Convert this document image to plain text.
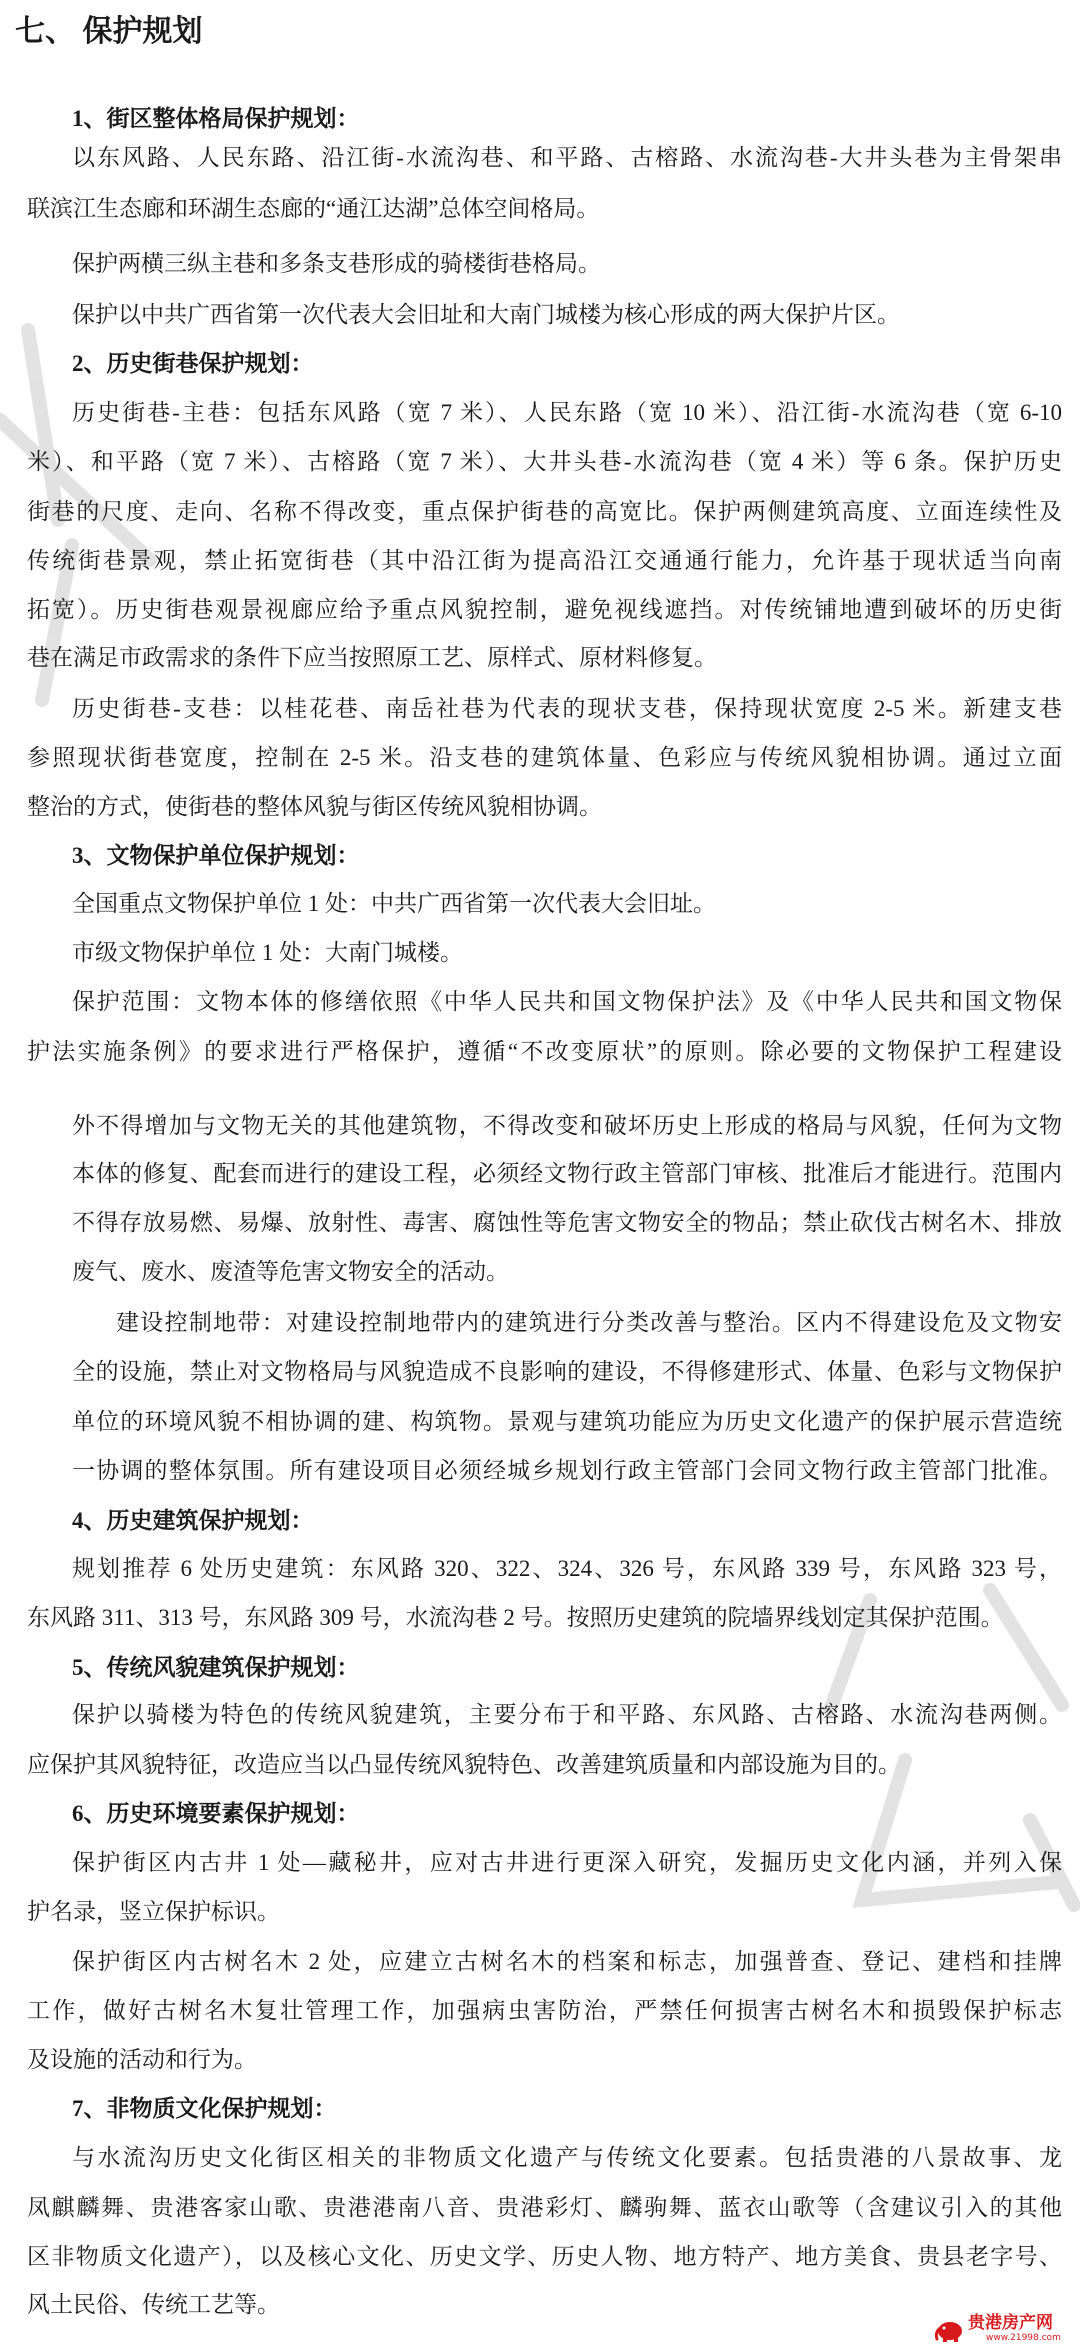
七、 保护规划
1、街区整体格局保护规划：
以东风路、人民东路、沿江街-水流沟巷、和平路、古榕路、水流沟巷-大井头巷为主骨架串
联滨江生态廊和环湖生态廊的“通江达湖”总体空间格局。
保护两横三纵主巷和多条支巷形成的骑楼街巷格局。
保护以中共广西省第一次代表大会旧址和大南门城楼为核心形成的两大保护片区。
2、历史街巷保护规划：
历史街巷-主巷：包括东风路（宽 7 米）、人民东路（宽 10 米）、沿江街-水流沟巷（宽 6-10
米）、和平路（宽 7 米）、古榕路（宽 7 米）、大井头巷-水流沟巷（宽 4 米）等 6 条。保护历史
街巷的尺度、走向、名称不得改变，重点保护街巷的高宽比。保护两侧建筑高度、立面连续性及
传统街巷景观，禁止拓宽街巷（其中沿江街为提高沿江交通通行能力，允许基于现状适当向南
拓宽）。历史街巷观景视廊应给予重点风貌控制，避免视线遮挡。对传统铺地遭到破坏的历史街
巷在满足市政需求的条件下应当按照原工艺、原样式、原材料修复。
历史街巷-支巷：以桂花巷、南岳社巷为代表的现状支巷，保持现状宽度 2-5 米。新建支巷
参照现状街巷宽度，控制在 2-5 米。沿支巷的建筑体量、色彩应与传统风貌相协调。通过立面
整治的方式，使街巷的整体风貌与街区传统风貌相协调。
3、文物保护单位保护规划：
全国重点文物保护单位 1 处：中共广西省第一次代表大会旧址。
市级文物保护单位 1 处：大南门城楼。
保护范围：文物本体的修缮依照《中华人民共和国文物保护法》及《中华人民共和国文物保
护法实施条例》的要求进行严格保护，遵循“不改变原状”的原则。除必要的文物保护工程建设
外不得增加与文物无关的其他建筑物，不得改变和破坏历史上形成的格局与风貌，任何为文物
本体的修复、配套而进行的建设工程，必须经文物行政主管部门审核、批准后才能进行。范围内
不得存放易燃、易爆、放射性、毒害、腐蚀性等危害文物安全的物品；禁止砍伐古树名木、排放
废气、废水、废渣等危害文物安全的活动。
建设控制地带：对建设控制地带内的建筑进行分类改善与整治。区内不得建设危及文物安
全的设施，禁止对文物格局与风貌造成不良影响的建设，不得修建形式、体量、色彩与文物保护
单位的环境风貌不相协调的建、构筑物。景观与建筑功能应为历史文化遗产的保护展示营造统
一协调的整体氛围。所有建设项目必须经城乡规划行政主管部门会同文物行政主管部门批准。
4、历史建筑保护规划：
规划推荐 6 处历史建筑：东风路 320、322、324、326 号，东风路 339 号，东风路 323 号，
东风路 311、313 号，东风路 309 号，水流沟巷 2 号。按照历史建筑的院墙界线划定其保护范围。
5、传统风貌建筑保护规划：
保护以骑楼为特色的传统风貌建筑，主要分布于和平路、东风路、古榕路、水流沟巷两侧。
应保护其风貌特征，改造应当以凸显传统风貌特色、改善建筑质量和内部设施为目的。
6、历史环境要素保护规划：
保护街区内古井 1 处—藏秘井，应对古井进行更深入研究，发掘历史文化内涵，并列入保
护名录，竖立保护标识。
保护街区内古树名木 2 处，应建立古树名木的档案和标志，加强普查、登记、建档和挂牌
工作，做好古树名木复壮管理工作，加强病虫害防治，严禁任何损害古树名木和损毁保护标志
及设施的活动和行为。
7、非物质文化保护规划：
与水流沟历史文化街区相关的非物质文化遗产与传统文化要素。包括贵港的八景故事、龙
凤麒麟舞、贵港客家山歌、贵港港南八音、贵港彩灯、麟驹舞、蓝衣山歌等（含建议引入的其他
区非物质文化遗产），以及核心文化、历史文学、历史人物、地方特产、地方美食、贵县老字号、
风土民俗、传统工艺等。
贵港房产网
www.21998.com
